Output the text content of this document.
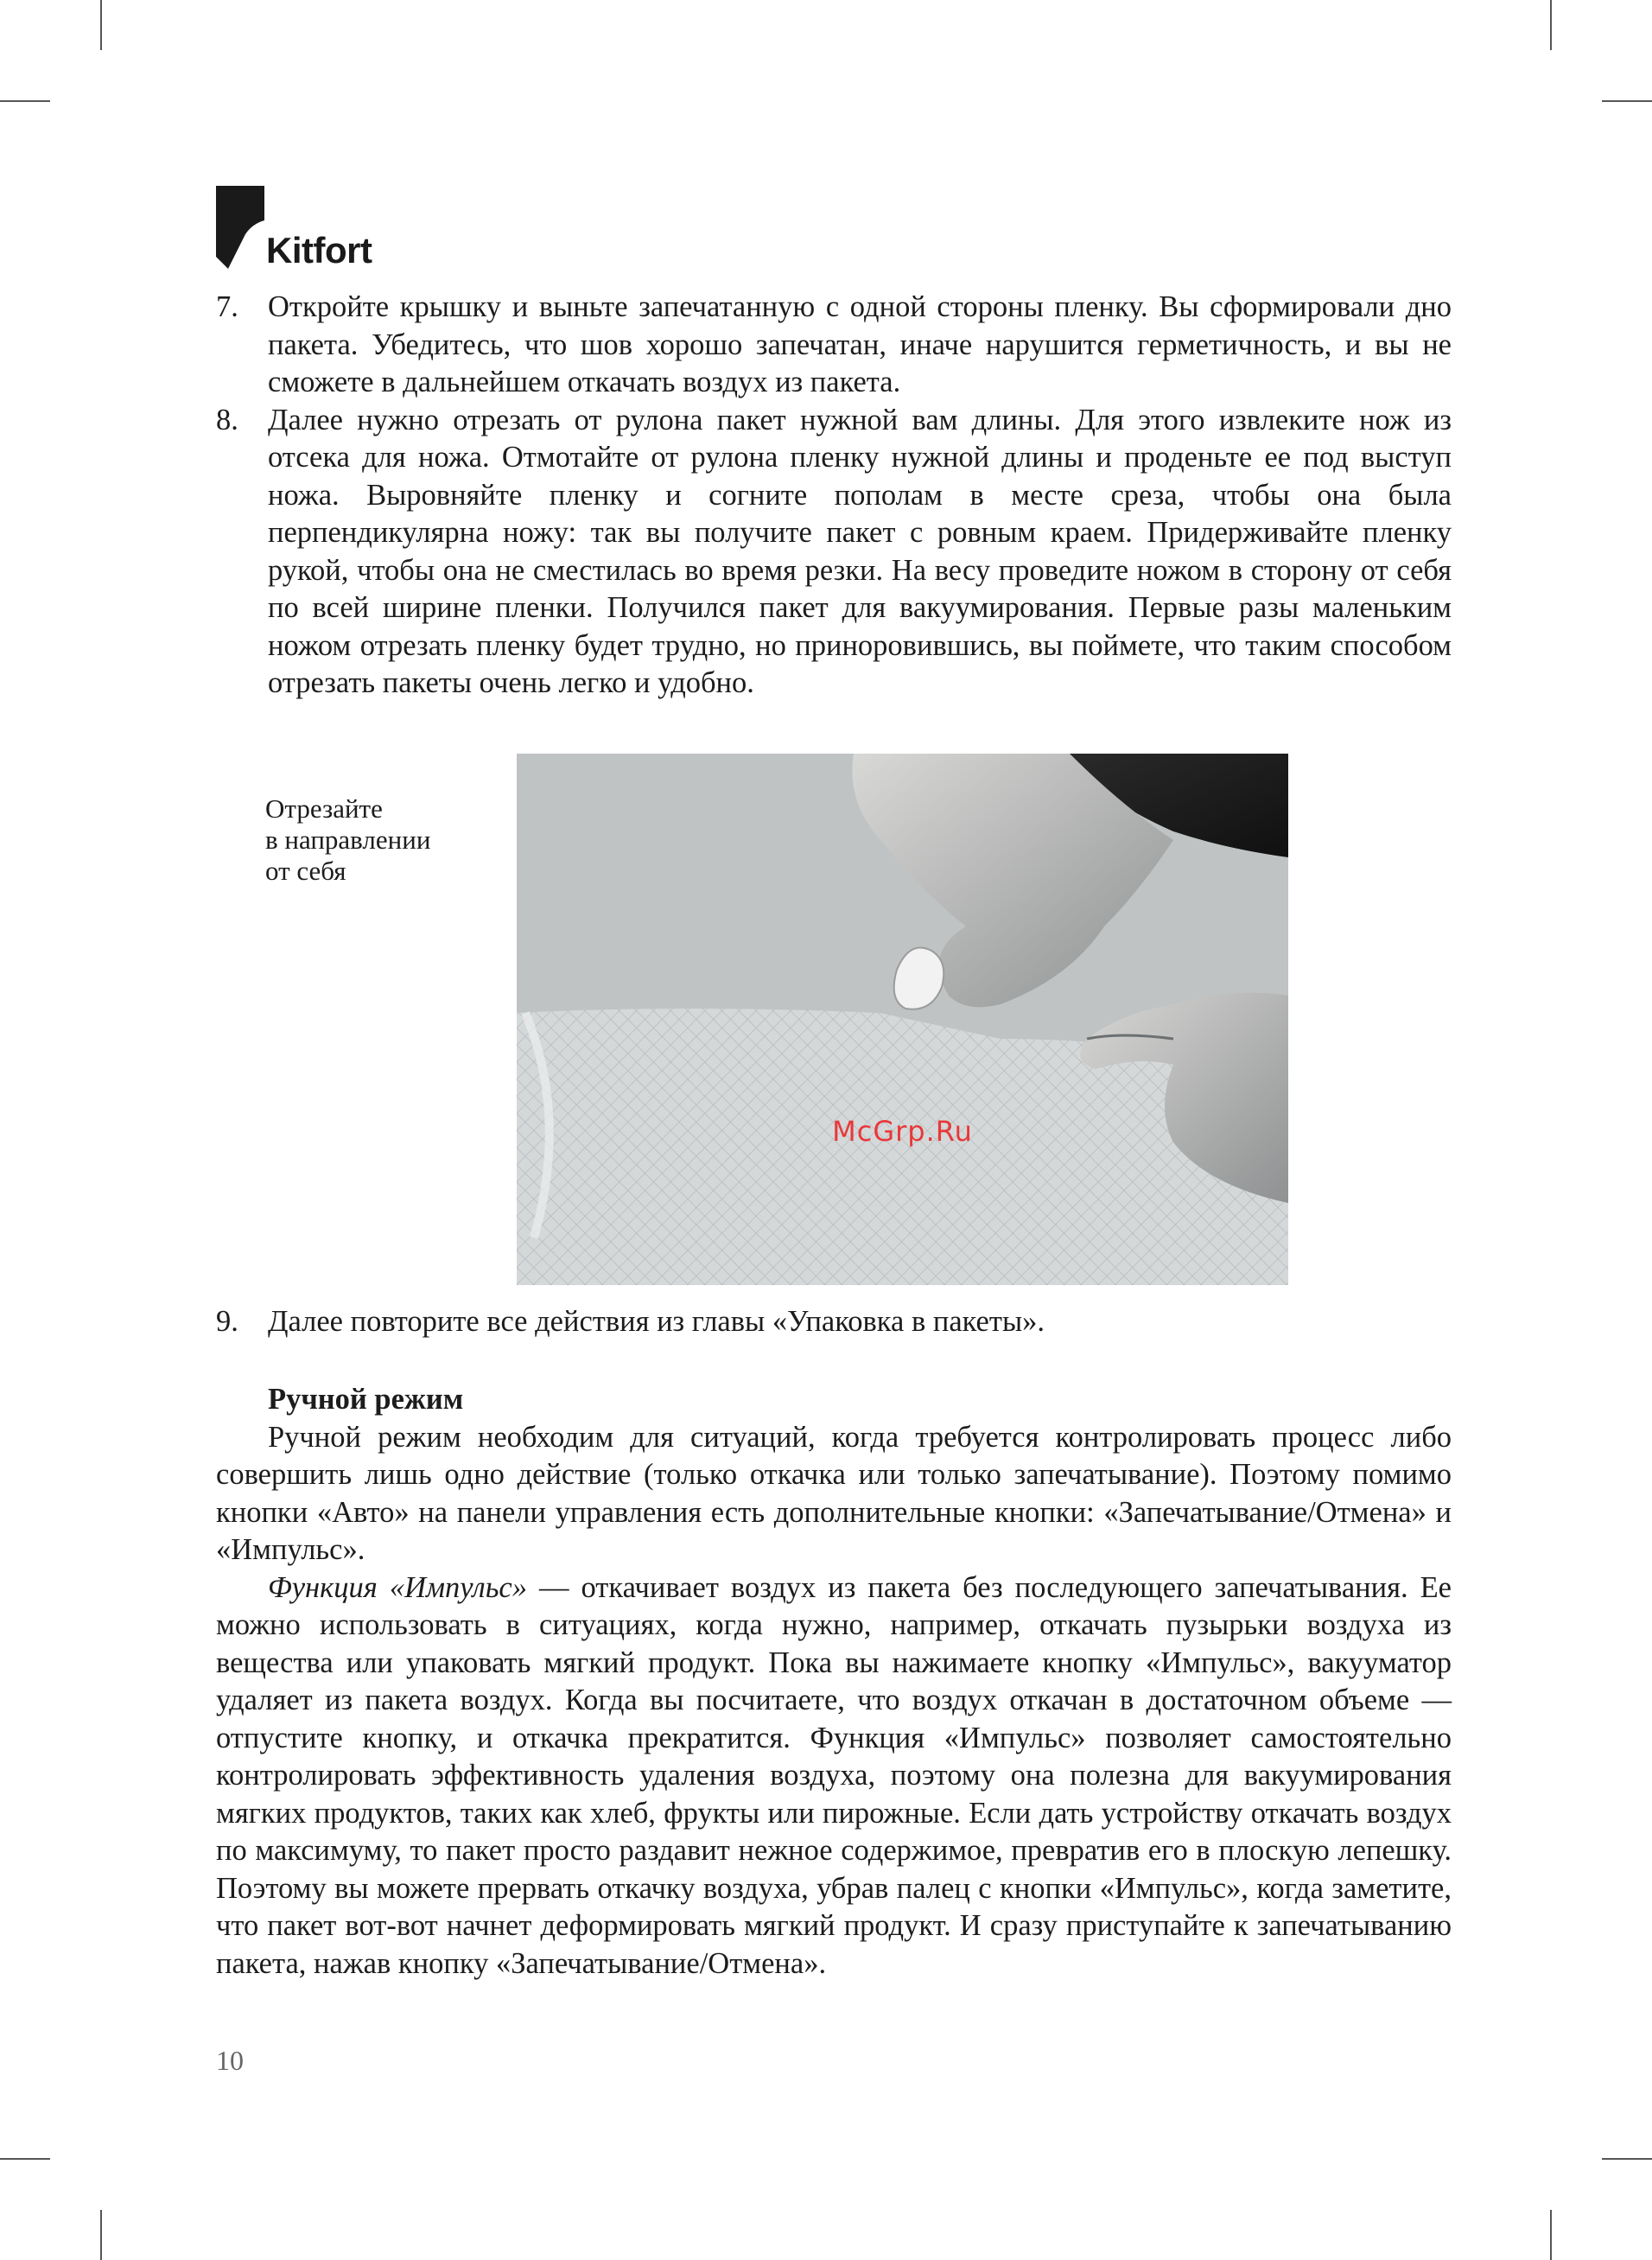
Kitfort
7. Откройте крышку и выньте запечатанную с одной стороны пленку. Вы сформировали дно пакета. Убедитесь, что шов хорошо запечатан, иначе нарушится герметичность, и вы не сможете в дальнейшем откачать воздух из пакета.
8. Далее нужно отрезать от рулона пакет нужной вам длины. Для этого извлеките нож из отсека для ножа. Отмотайте от рулона пленку нужной длины и проденьте ее под выступ ножа. Выровняйте пленку и согните пополам в месте среза, чтобы она была перпендикулярна ножу: так вы получите пакет с ровным краем. Придерживайте пленку рукой, чтобы она не сместилась во время резки. На весу проведите ножом в сторону от себя по всей ширине пленки. Получился пакет для вакуумирования. Первые разы маленьким ножом отрезать пленку будет трудно, но приноровившись, вы поймете, что таким способом отрезать пакеты очень легко и удобно.
Отрезайте
в направлении
от себя
McGrp.Ru
9. Далее повторите все действия из главы «Упаковка в пакеты».
Ручной режим

Ручной режим необходим для ситуаций, когда требуется контролировать процесс либо совершить лишь одно действие (только откачка или только запечатывание). Поэтому помимо кнопки «Авто» на панели управления есть дополнительные кнопки: «Запечатывание/Отмена» и «Импульс».

Функция «Импульс» — откачивает воздух из пакета без последующего запечатывания. Ее можно использовать в ситуациях, когда нужно, например, откачать пузырьки воздуха из вещества или упаковать мягкий продукт. Пока вы нажимаете кнопку «Импульс», вакууматор удаляет из пакета воздух. Когда вы посчитаете, что воздух откачан в достаточном объеме — отпустите кнопку, и откачка прекратится. Функция «Импульс» позволяет самостоятельно контролировать эффективность удаления воздуха, поэтому она полезна для вакуумирования мягких продуктов, таких как хлеб, фрукты или пирожные. Если дать устройству откачать воздух по максимуму, то пакет просто раздавит нежное содержимое, превратив его в плоскую лепешку. Поэтому вы можете прервать откачку воздуха, убрав палец с кнопки «Импульс», когда заметите, что пакет вот-вот начнет деформировать мягкий продукт. И сразу приступайте к запечатыванию пакета, нажав кнопку «Запечатывание/Отмена».

10
